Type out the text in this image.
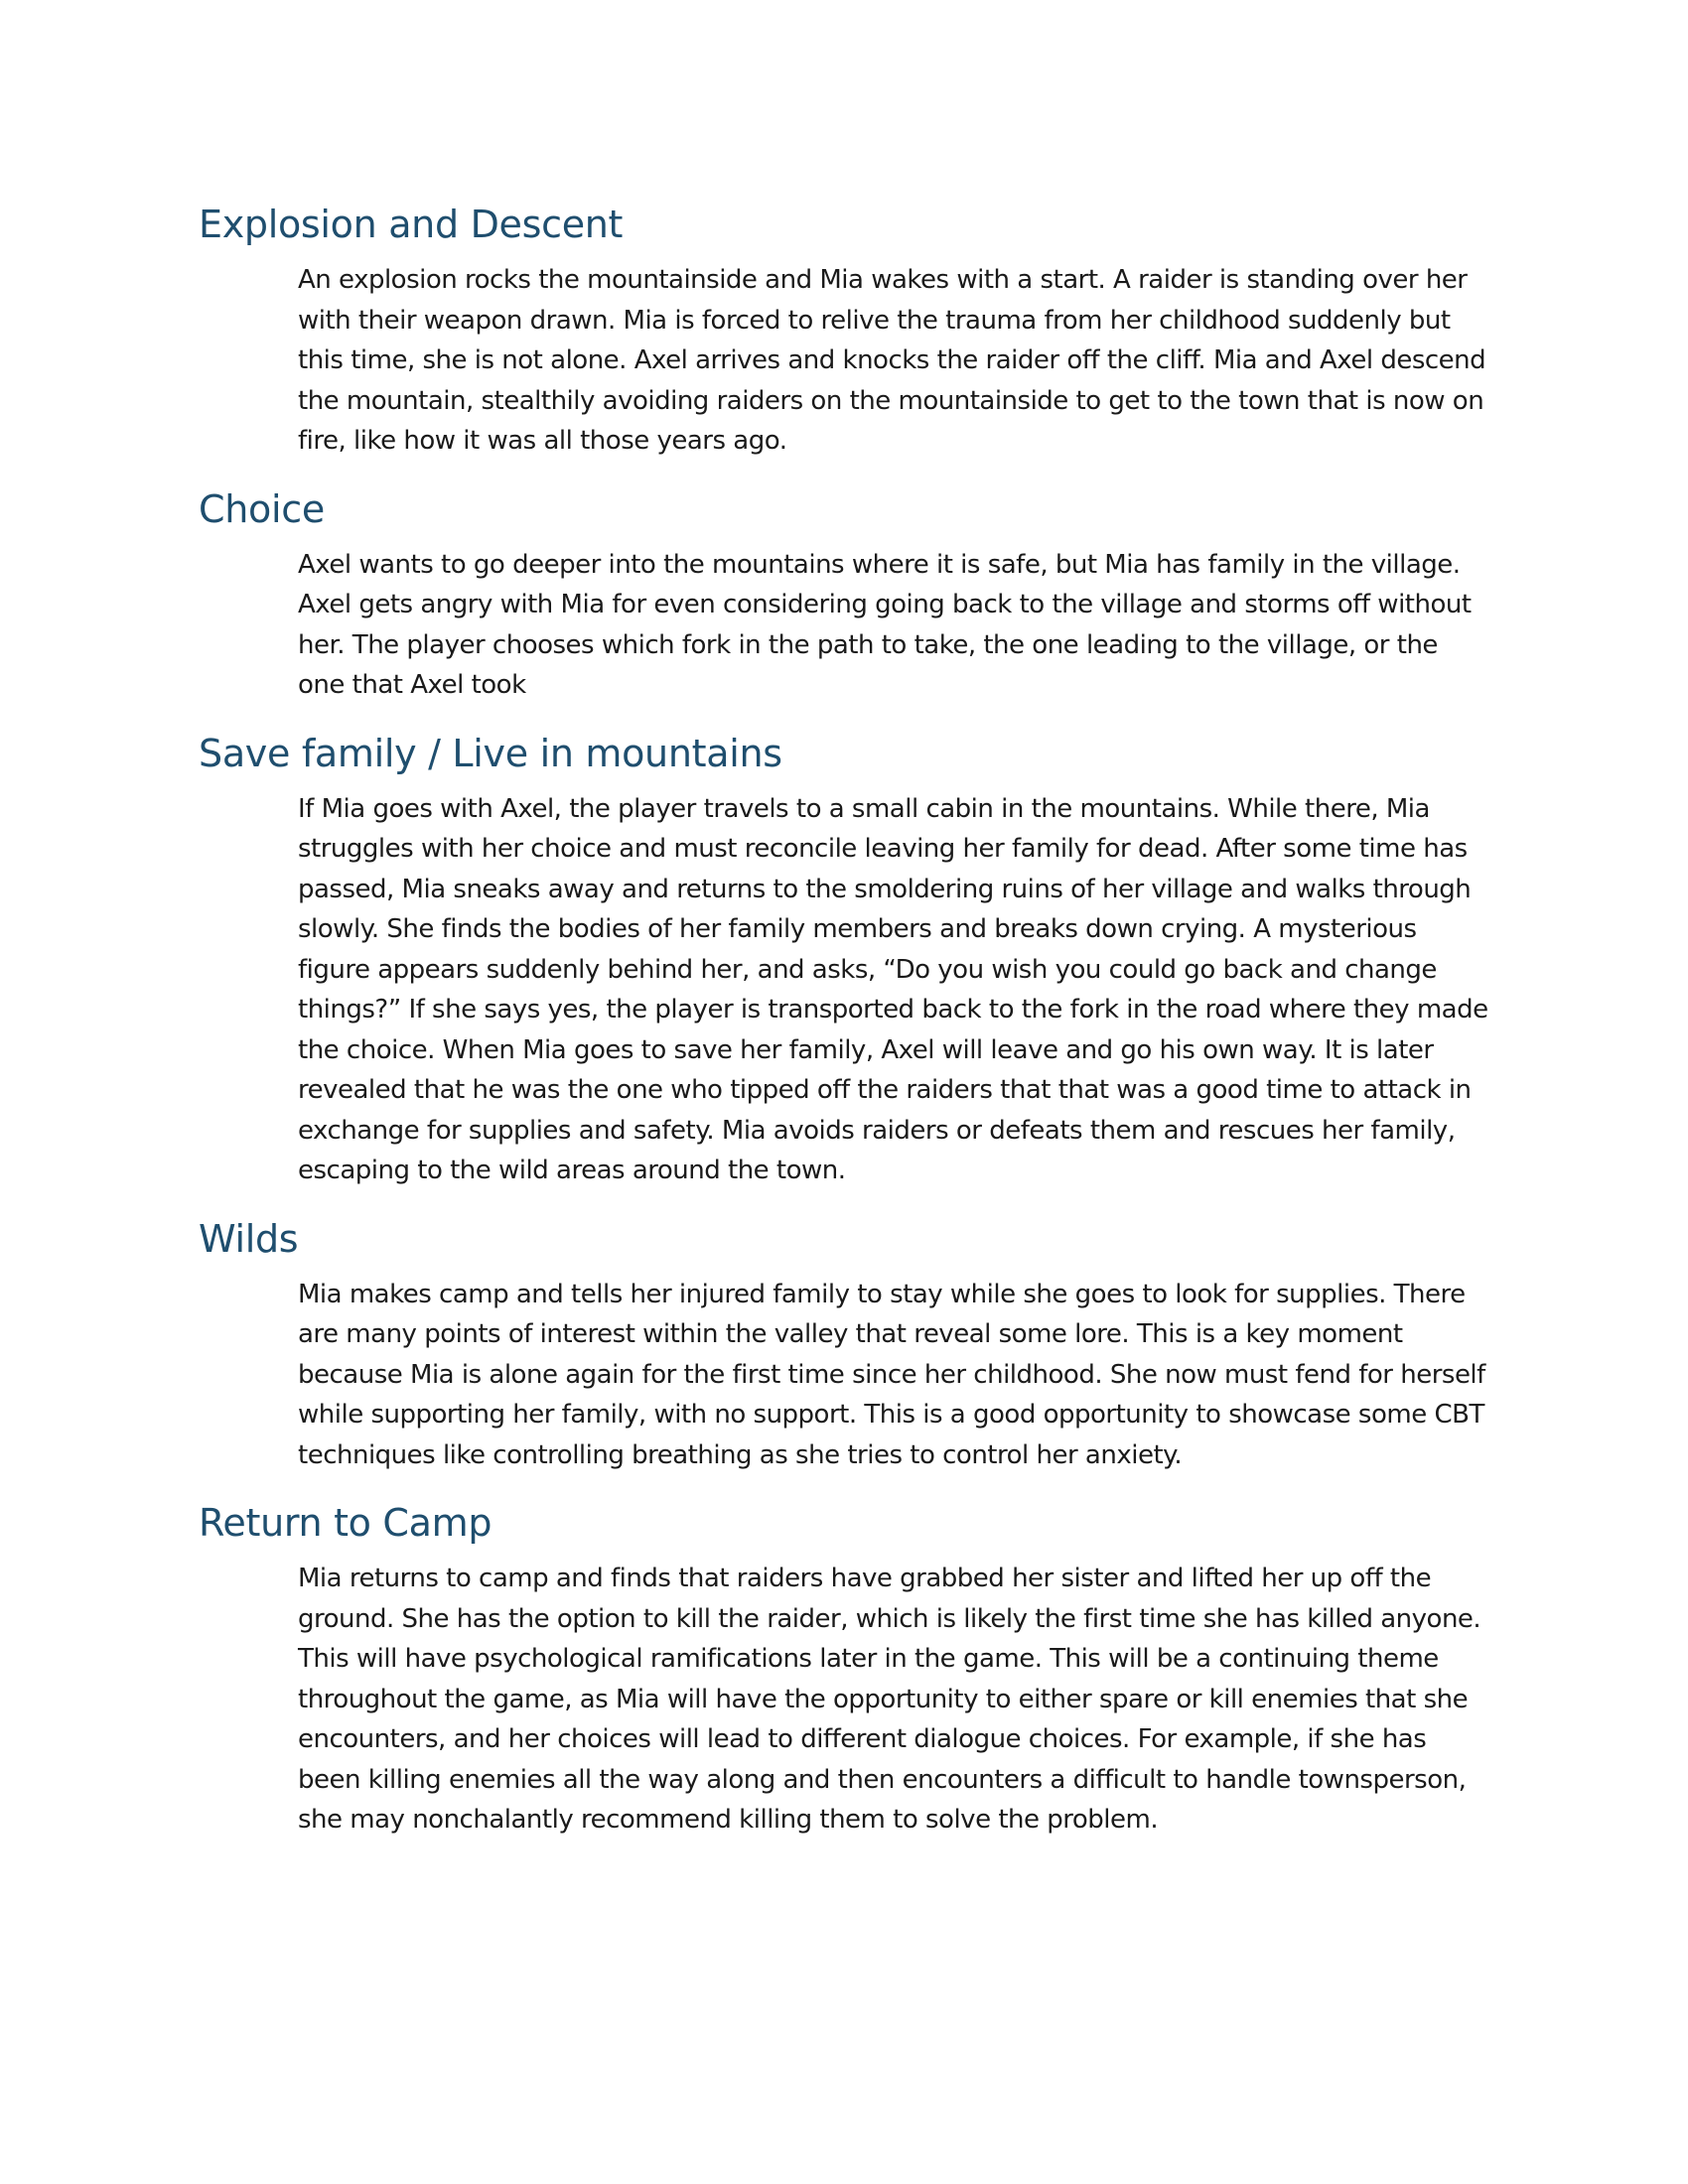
Explosion and Descent

An explosion rocks the mountainside and Mia wakes with a start. A raider is standing over her with their weapon drawn. Mia is forced to relive the trauma from her childhood suddenly but this time, she is not alone. Axel arrives and knocks the raider off the cliff. Mia and Axel descend the mountain, stealthily avoiding raiders on the mountainside to get to the town that is now on fire, like how it was all those years ago.

Choice

Axel wants to go deeper into the mountains where it is safe, but Mia has family in the village. Axel gets angry with Mia for even considering going back to the village and storms off without her. The player chooses which fork in the path to take, the one leading to the village, or the one that Axel took

Save family / Live in mountains

If Mia goes with Axel, the player travels to a small cabin in the mountains. While there, Mia struggles with her choice and must reconcile leaving her family for dead. After some time has passed, Mia sneaks away and returns to the smoldering ruins of her village and walks through slowly. She finds the bodies of her family members and breaks down crying. A mysterious figure appears suddenly behind her, and asks, “Do you wish you could go back and change things?” If she says yes, the player is transported back to the fork in the road where they made the choice. When Mia goes to save her family, Axel will leave and go his own way. It is later revealed that he was the one who tipped off the raiders that that was a good time to attack in exchange for supplies and safety. Mia avoids raiders or defeats them and rescues her family, escaping to the wild areas around the town.

Wilds

Mia makes camp and tells her injured family to stay while she goes to look for supplies. There are many points of interest within the valley that reveal some lore. This is a key moment because Mia is alone again for the first time since her childhood. She now must fend for herself while supporting her family, with no support. This is a good opportunity to showcase some CBT techniques like controlling breathing as she tries to control her anxiety.

Return to Camp

Mia returns to camp and finds that raiders have grabbed her sister and lifted her up off the ground. She has the option to kill the raider, which is likely the first time she has killed anyone. This will have psychological ramifications later in the game. This will be a continuing theme throughout the game, as Mia will have the opportunity to either spare or kill enemies that she encounters, and her choices will lead to different dialogue choices. For example, if she has been killing enemies all the way along and then encounters a difficult to handle townsperson, she may nonchalantly recommend killing them to solve the problem.
